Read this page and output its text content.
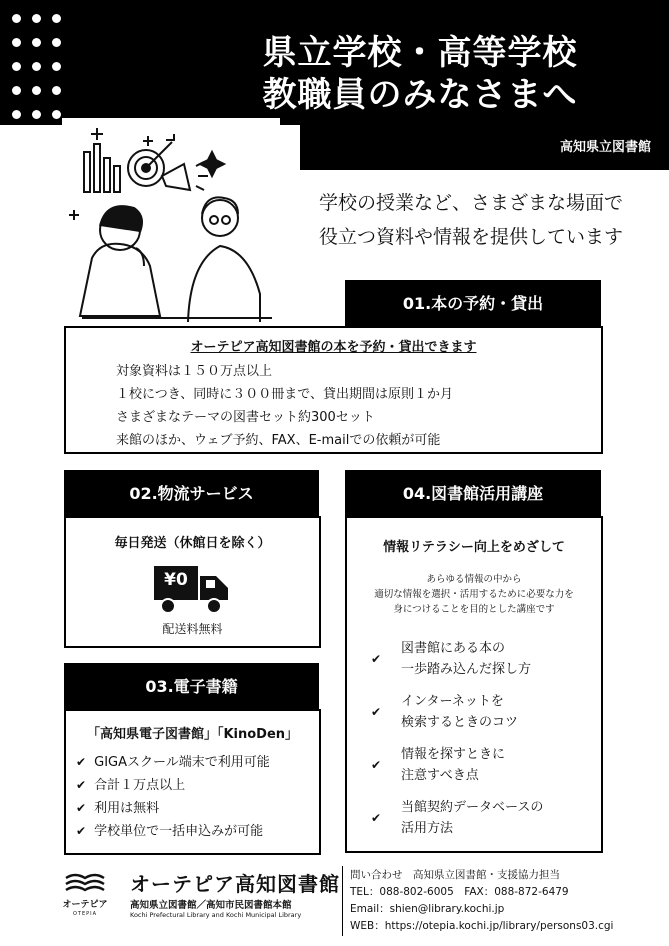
県立学校・高等学校
教職員のみなさまへ
高知県立図書館
学校の授業など、さまざまな場面で
役立つ資料や情報を提供しています
オーテピア高知図書館の本を予約・貸出できます
対象資料は１５０万点以上
１校につき、同時に３００冊まで、貸出期間は原則１か月
さまざまなテーマの図書セット約300セット
来館のほか、ウェブ予約、FAX、E-mailでの依頼が可能
01.本の予約・貸出
02.物流サービス
毎日発送（休館日を除く）
¥0
配送料無料
03.電子書籍
「高知県電子図書館」「KinoDen」
✔ GIGAスクール端末で利用可能
✔ 合計１万点以上
✔ 利用は無料
✔ 学校単位で一括申込みが可能
04.図書館活用講座
情報リテラシー向上をめざして
あらゆる情報の中から
適切な情報を選択・活用するために必要な力を
身につけることを目的とした講座です
✔
図書館にある本の
一歩踏み込んだ探し方
✔
インターネットを
検索するときのコツ
✔
情報を探すときに
注意すべき点
✔
当館契約データベースの
活用方法
オーテピア
OTEPIA
オーテピア高知図書館
高知県立図書館／高知市民図書館本館
Kochi Prefectural Library and Kochi Municipal Library
問い合わせ　高知県立図書館・支援協力担当
TEL：088-802-6005　FAX：088-872-6479
Email：shien@library.kochi.jp
WEB：https://otepia.kochi.jp/library/persons03.cgi
